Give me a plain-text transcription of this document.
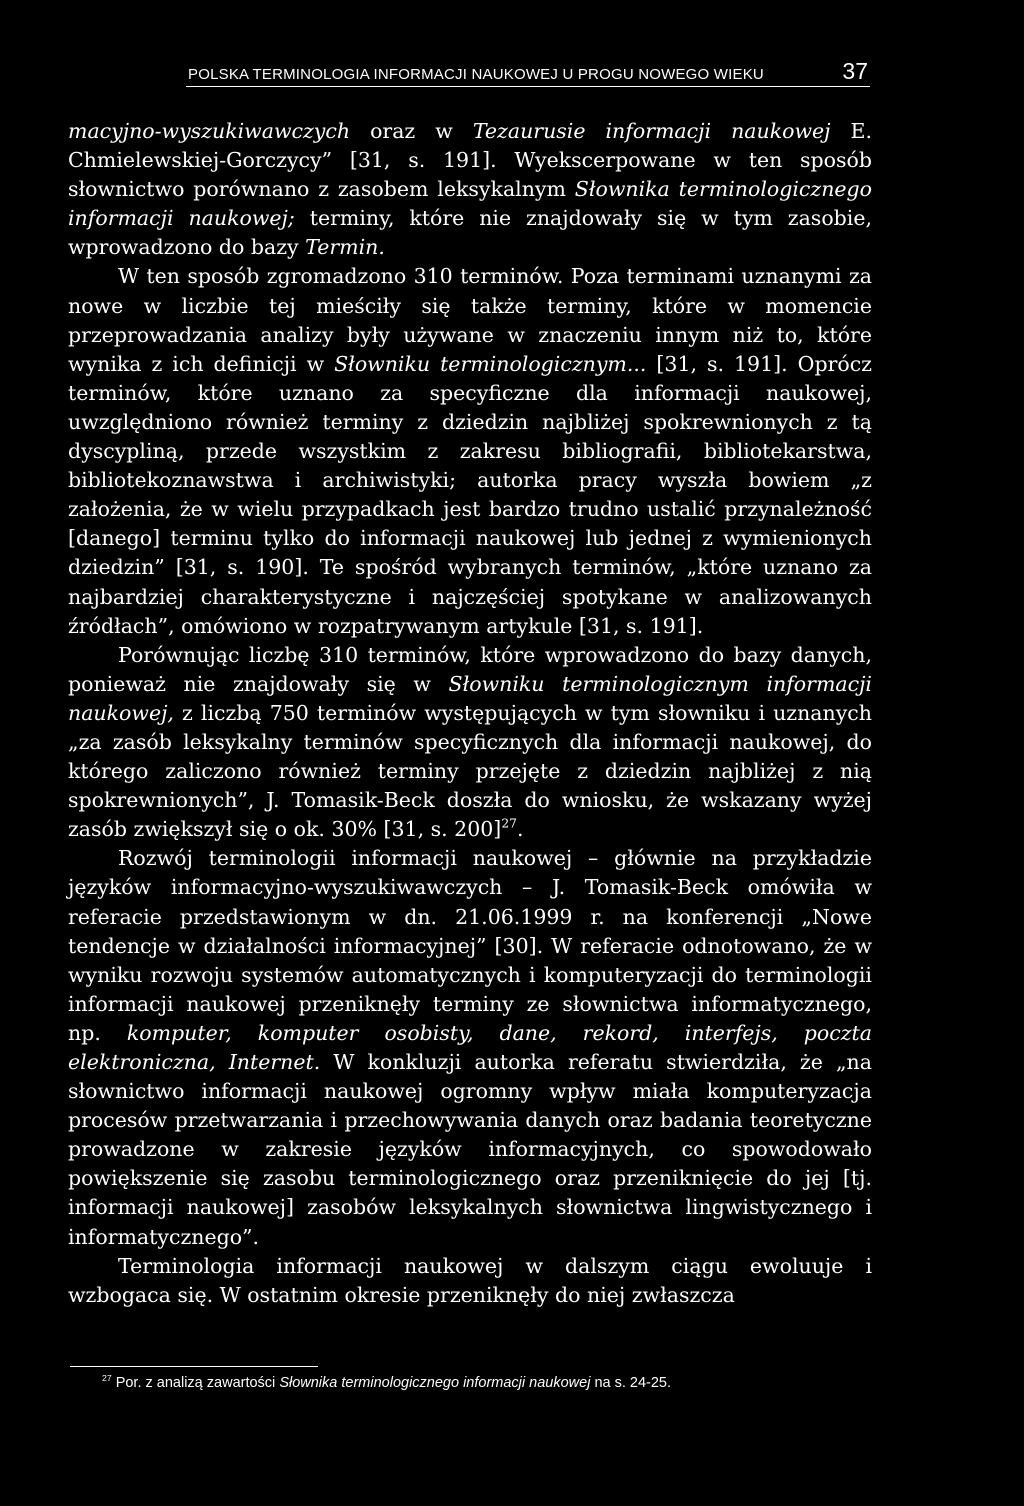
POLSKA TERMINOLOGIA INFORMACJI NAUKOWEJ U PROGU NOWEGO WIEKU	37

macyjno-wyszukiwawczych oraz w Tezaurusie informacji naukowej E. Chmielewskiej-Gorczycy” [31, s. 191]. Wyekscerpowane w ten sposób słownictwo porównano z zasobem leksykalnym Słownika terminologicznego informacji naukowej; terminy, które nie znajdowały się w tym zasobie, wprowadzono do bazy Termin.

W ten sposób zgromadzono 310 terminów. Poza terminami uznanymi za nowe w liczbie tej mieściły się także terminy, które w momencie przeprowadzania analizy były używane w znaczeniu innym niż to, które wynika z ich definicji w Słowniku terminologicznym... [31, s. 191]. Oprócz terminów, które uznano za specyficzne dla informacji naukowej, uwzględniono również terminy z dziedzin najbliżej spokrewnionych z tą dyscypliną, przede wszystkim z zakresu bibliografii, bibliotekarstwa, bibliotekoznawstwa i archiwistyki; autorka pracy wyszła bowiem „z założenia, że w wielu przypadkach jest bardzo trudno ustalić przynależność [danego] terminu tylko do informacji naukowej lub jednej z wymienionych dziedzin” [31, s. 190]. Te spośród wybranych terminów, „które uznano za najbardziej charakterystyczne i najczęściej spotykane w analizowanych źródłach”, omówiono w rozpatrywanym artykule [31, s. 191].

Porównując liczbę 310 terminów, które wprowadzono do bazy danych, ponieważ nie znajdowały się w Słowniku terminologicznym informacji naukowej, z liczbą 750 terminów występujących w tym słowniku i uznanych „za zasób leksykalny terminów specyficznych dla informacji naukowej, do którego zaliczono również terminy przejęte z dziedzin najbliżej z nią spokrewnionych”, J. Tomasik-Beck doszła do wniosku, że wskazany wyżej zasób zwiększył się o ok. 30% [31, s. 200]$^{27}$.

Rozwój terminologii informacji naukowej – głównie na przykładzie języków informacyjno-wyszukiwawczych – J. Tomasik-Beck omówiła w referacie przedstawionym w dn. 21.06.1999 r. na konferencji „Nowe tendencje w działalności informacyjnej” [30]. W referacie odnotowano, że w wyniku rozwoju systemów automatycznych i komputeryzacji do terminologii informacji naukowej przeniknęły terminy ze słownictwa informatycznego, np. komputer, komputer osobisty, dane, rekord, interfejs, poczta elektroniczna, Internet. W konkluzji autorka referatu stwierdziła, że „na słownictwo informacji naukowej ogromny wpływ miała komputeryzacja procesów przetwarzania i przechowywania danych oraz badania teoretyczne prowadzone w zakresie języków informacyjnych, co spowodowało powiększenie się zasobu terminologicznego oraz przeniknięcie do jej [tj. informacji naukowej] zasobów leksykalnych słownictwa lingwistycznego i informatycznego”.

Terminologia informacji naukowej w dalszym ciągu ewoluuje i wzbogaca się. W ostatnim okresie przeniknęły do niej zwłaszcza

$^{27}$ Por. z analizą zawartości Słownika terminologicznego informacji naukowej na s. 24-25.
